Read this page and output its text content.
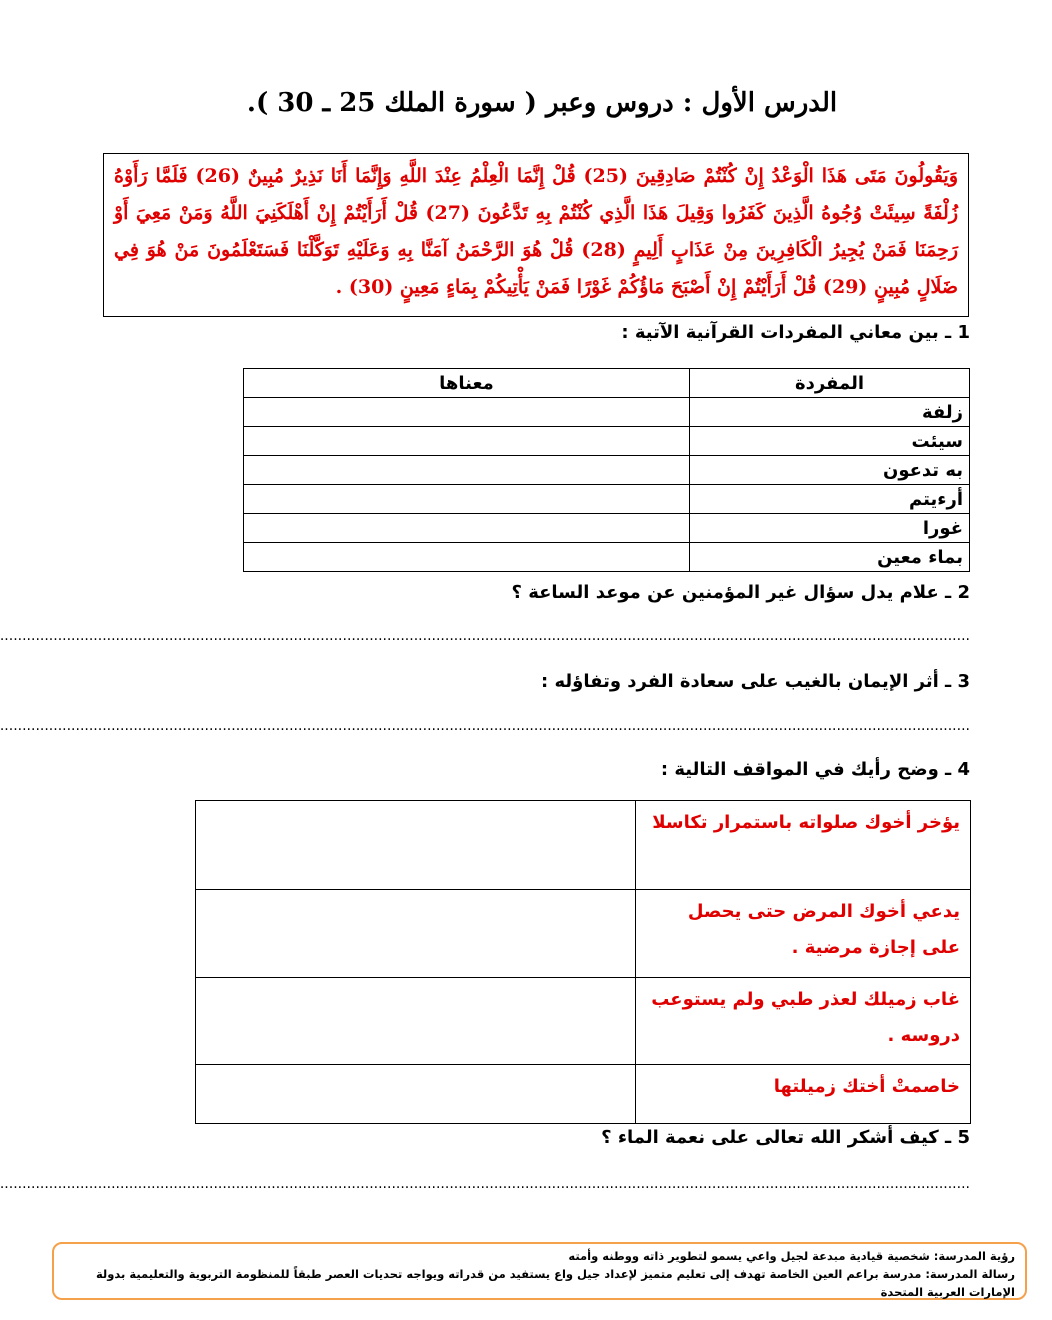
الدرس الأول : دروس وعبر ( سورة الملك 25 ـ 30 ).
وَيَقُولُونَ مَتَى هَذَا الْوَعْدُ إِنْ كُنْتُمْ صَادِقِينَ (25) قُلْ إِنَّمَا الْعِلْمُ عِنْدَ اللَّهِ وَإِنَّمَا أَنَا نَذِيرٌ مُبِينٌ (26) فَلَمَّا رَأَوْهُ زُلْفَةً سِيئَتْ وُجُوهُ الَّذِينَ كَفَرُوا وَقِيلَ هَذَا الَّذِي كُنْتُمْ بِهِ تَدَّعُونَ (27) قُلْ أَرَأَيْتُمْ إِنْ أَهْلَكَنِيَ اللَّهُ وَمَنْ مَعِيَ أَوْ رَحِمَنَا فَمَنْ يُجِيرُ الْكَافِرِينَ مِنْ عَذَابٍ أَلِيمٍ (28) قُلْ هُوَ الرَّحْمَنُ آمَنَّا بِهِ وَعَلَيْهِ تَوَكَّلْنَا فَسَتَعْلَمُونَ مَنْ هُوَ فِي ضَلَالٍ مُبِينٍ (29) قُلْ أَرَأَيْتُمْ إِنْ أَصْبَحَ مَاؤُكُمْ غَوْرًا فَمَنْ يَأْتِيكُمْ بِمَاءٍ مَعِينٍ (30) .
1 ـ بين معاني المفردات القرآنية الآتية :
المفردة	معناها
زلفة	
سيئت	
به تدعون	
أرءيتم	
غورا	
بماء معين	
2 ـ علام يدل سؤال غير المؤمنين عن موعد الساعة ؟
..........................................................................................................................................................................................................................
3 ـ أثر الإيمان بالغيب على سعادة الفرد وتفاؤله :
..........................................................................................................................................................................................................................
4 ـ وضح رأيك في المواقف التالية :
يؤخر أخوك صلواته باستمرار تكاسلا	
يدعي أخوك المرض حتى يحصل على إجازة مرضية .	
غاب زميلك لعذر طبي ولم يستوعب دروسه .	
خاصمتْ أختك زميلتها	
5 ـ كيف أشكر الله تعالى على نعمة الماء ؟
..........................................................................................................................................................................................................................
رؤية المدرسة: شخصية قيادية مبدعة لجيل واعي يسمو لتطوير ذاته ووطنه وأمته
رسالة المدرسة: مدرسة براعم العين الخاصة تهدف إلى تعليم متميز لإعداد جيل واع يستفيد من قدراته ويواجه تحديات العصر طبقاً للمنظومة التربوية والتعليمية بدولة الإمارات العربية المتحدة
